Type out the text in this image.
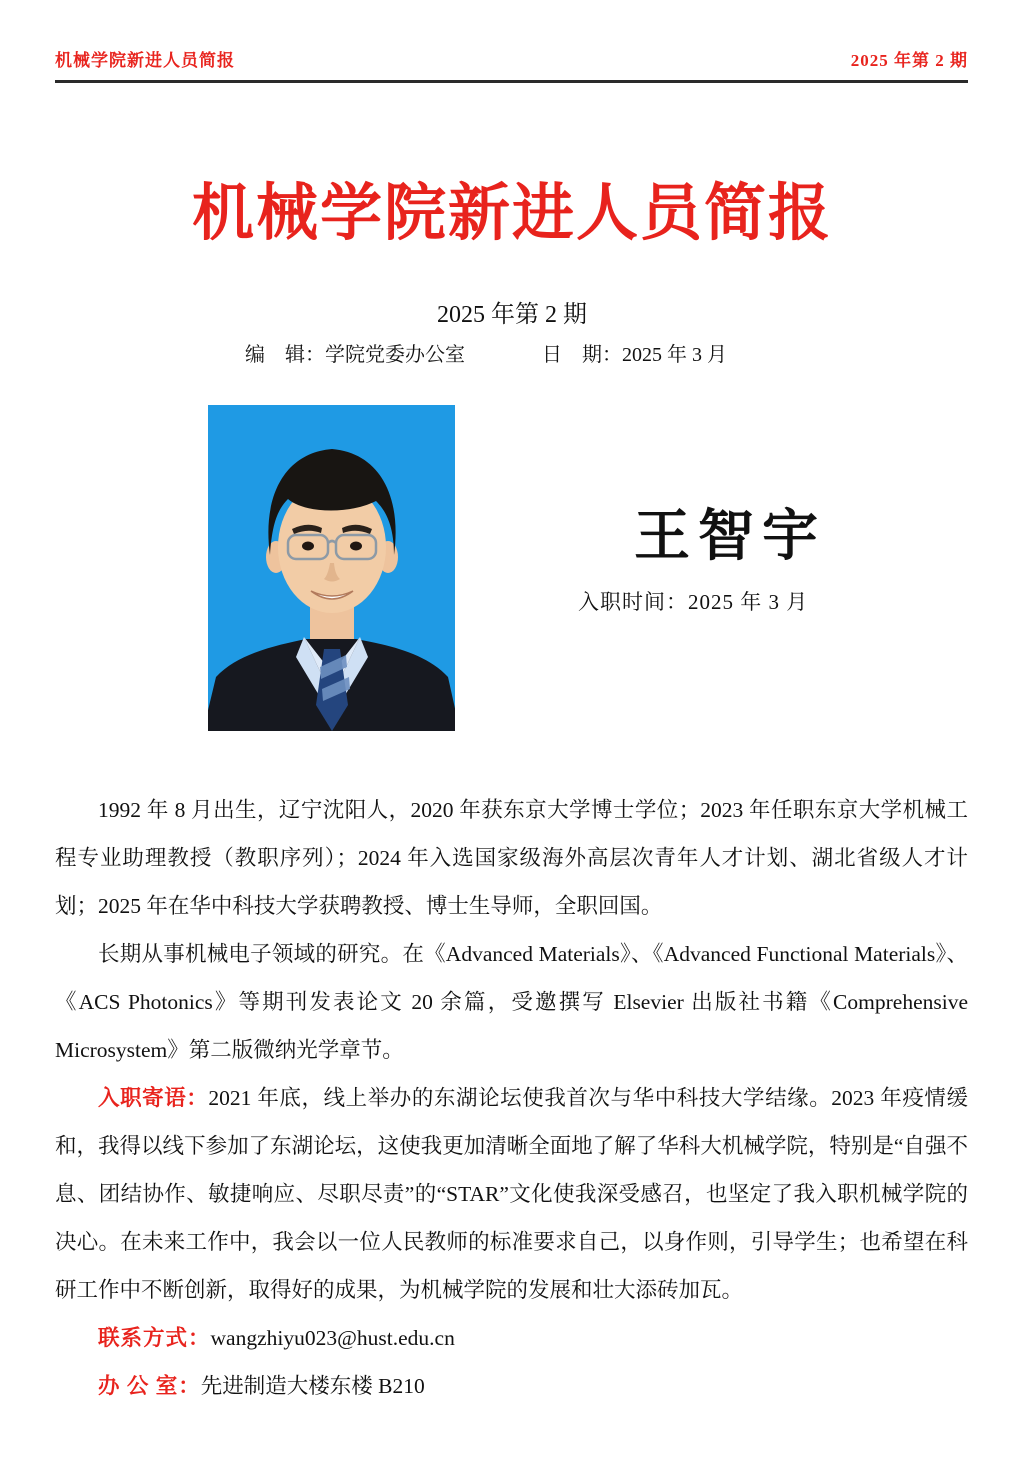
机械学院新进人员简报	2025 年第 2 期
机械学院新进人员简报
2025 年第 2 期
编　辑：学院党委办公室	日　期：2025 年 3 月
王智宇
入职时间：2025 年 3 月

1992 年 8 月出生，辽宁沈阳人，2020 年获东京大学博士学位；2023 年任职东京大学机械工程专业助理教授（教职序列）；2024 年入选国家级海外高层次青年人才计划、湖北省级人才计划；2025 年在华中科技大学获聘教授、博士生导师，全职回国。

长期从事机械电子领域的研究。在《Advanced Materials》、《Advanced Functional Materials》、《ACS Photonics》等期刊发表论文 20 余篇，受邀撰写 Elsevier 出版社书籍《Comprehensive Microsystem》第二版微纳光学章节。

入职寄语：2021 年底，线上举办的东湖论坛使我首次与华中科技大学结缘。2023 年疫情缓和，我得以线下参加了东湖论坛，这使我更加清晰全面地了解了华科大机械学院，特别是“自强不息、团结协作、敏捷响应、尽职尽责”的“STAR”文化使我深受感召，也坚定了我入职机械学院的决心。在未来工作中，我会以一位人民教师的标准要求自己，以身作则，引导学生；也希望在科研工作中不断创新，取得好的成果，为机械学院的发展和壮大添砖加瓦。

联系方式：wangzhiyu023@hust.edu.cn

办 公 室：先进制造大楼东楼 B210
